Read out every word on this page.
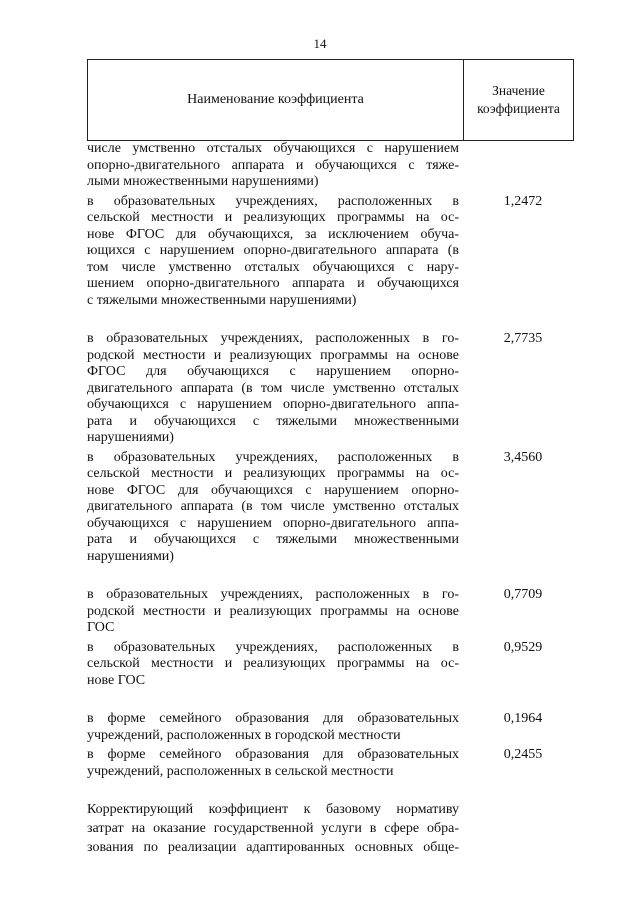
14
Наименование коэффициента
Значение
коэффициента
числе умственно отсталых обучающихся с нарушением
опорно-двигательного аппарата и обучающихся с тяже-
лыми множественными нарушениями)
в образовательных учреждениях, расположенных в
сельской местности и реализующих программы на ос-
нове ФГОС для обучающихся, за исключением обуча-
ющихся с нарушением опорно-двигательного аппарата (в
том числе умственно отсталых обучающихся с нару-
шением опорно-двигательного аппарата и обучающихся
с тяжелыми множественными нарушениями)
1,2472
в образовательных учреждениях, расположенных в го-
родской местности и реализующих программы на основе
ФГОС для обучающихся с нарушением опорно-
двигательного аппарата (в том числе умственно отсталых
обучающихся с нарушением опорно-двигательного аппа-
рата и обучающихся с тяжелыми множественными
нарушениями)
2,7735
в образовательных учреждениях, расположенных в
сельской местности и реализующих программы на ос-
нове ФГОС для обучающихся с нарушением опорно-
двигательного аппарата (в том числе умственно отсталых
обучающихся с нарушением опорно-двигательного аппа-
рата и обучающихся с тяжелыми множественными
нарушениями)
3,4560
в образовательных учреждениях, расположенных в го-
родской местности и реализующих программы на основе
ГОС
0,7709
в образовательных учреждениях, расположенных в
сельской местности и реализующих программы на ос-
нове ГОС
0,9529
в форме семейного образования для образовательных
учреждений, расположенных в городской местности
0,1964
в форме семейного образования для образовательных
учреждений, расположенных в сельской местности
0,2455
Корректирующий коэффициент к базовому нормативу
затрат на оказание государственной услуги в сфере обра-
зования по реализации адаптированных основных обще-
